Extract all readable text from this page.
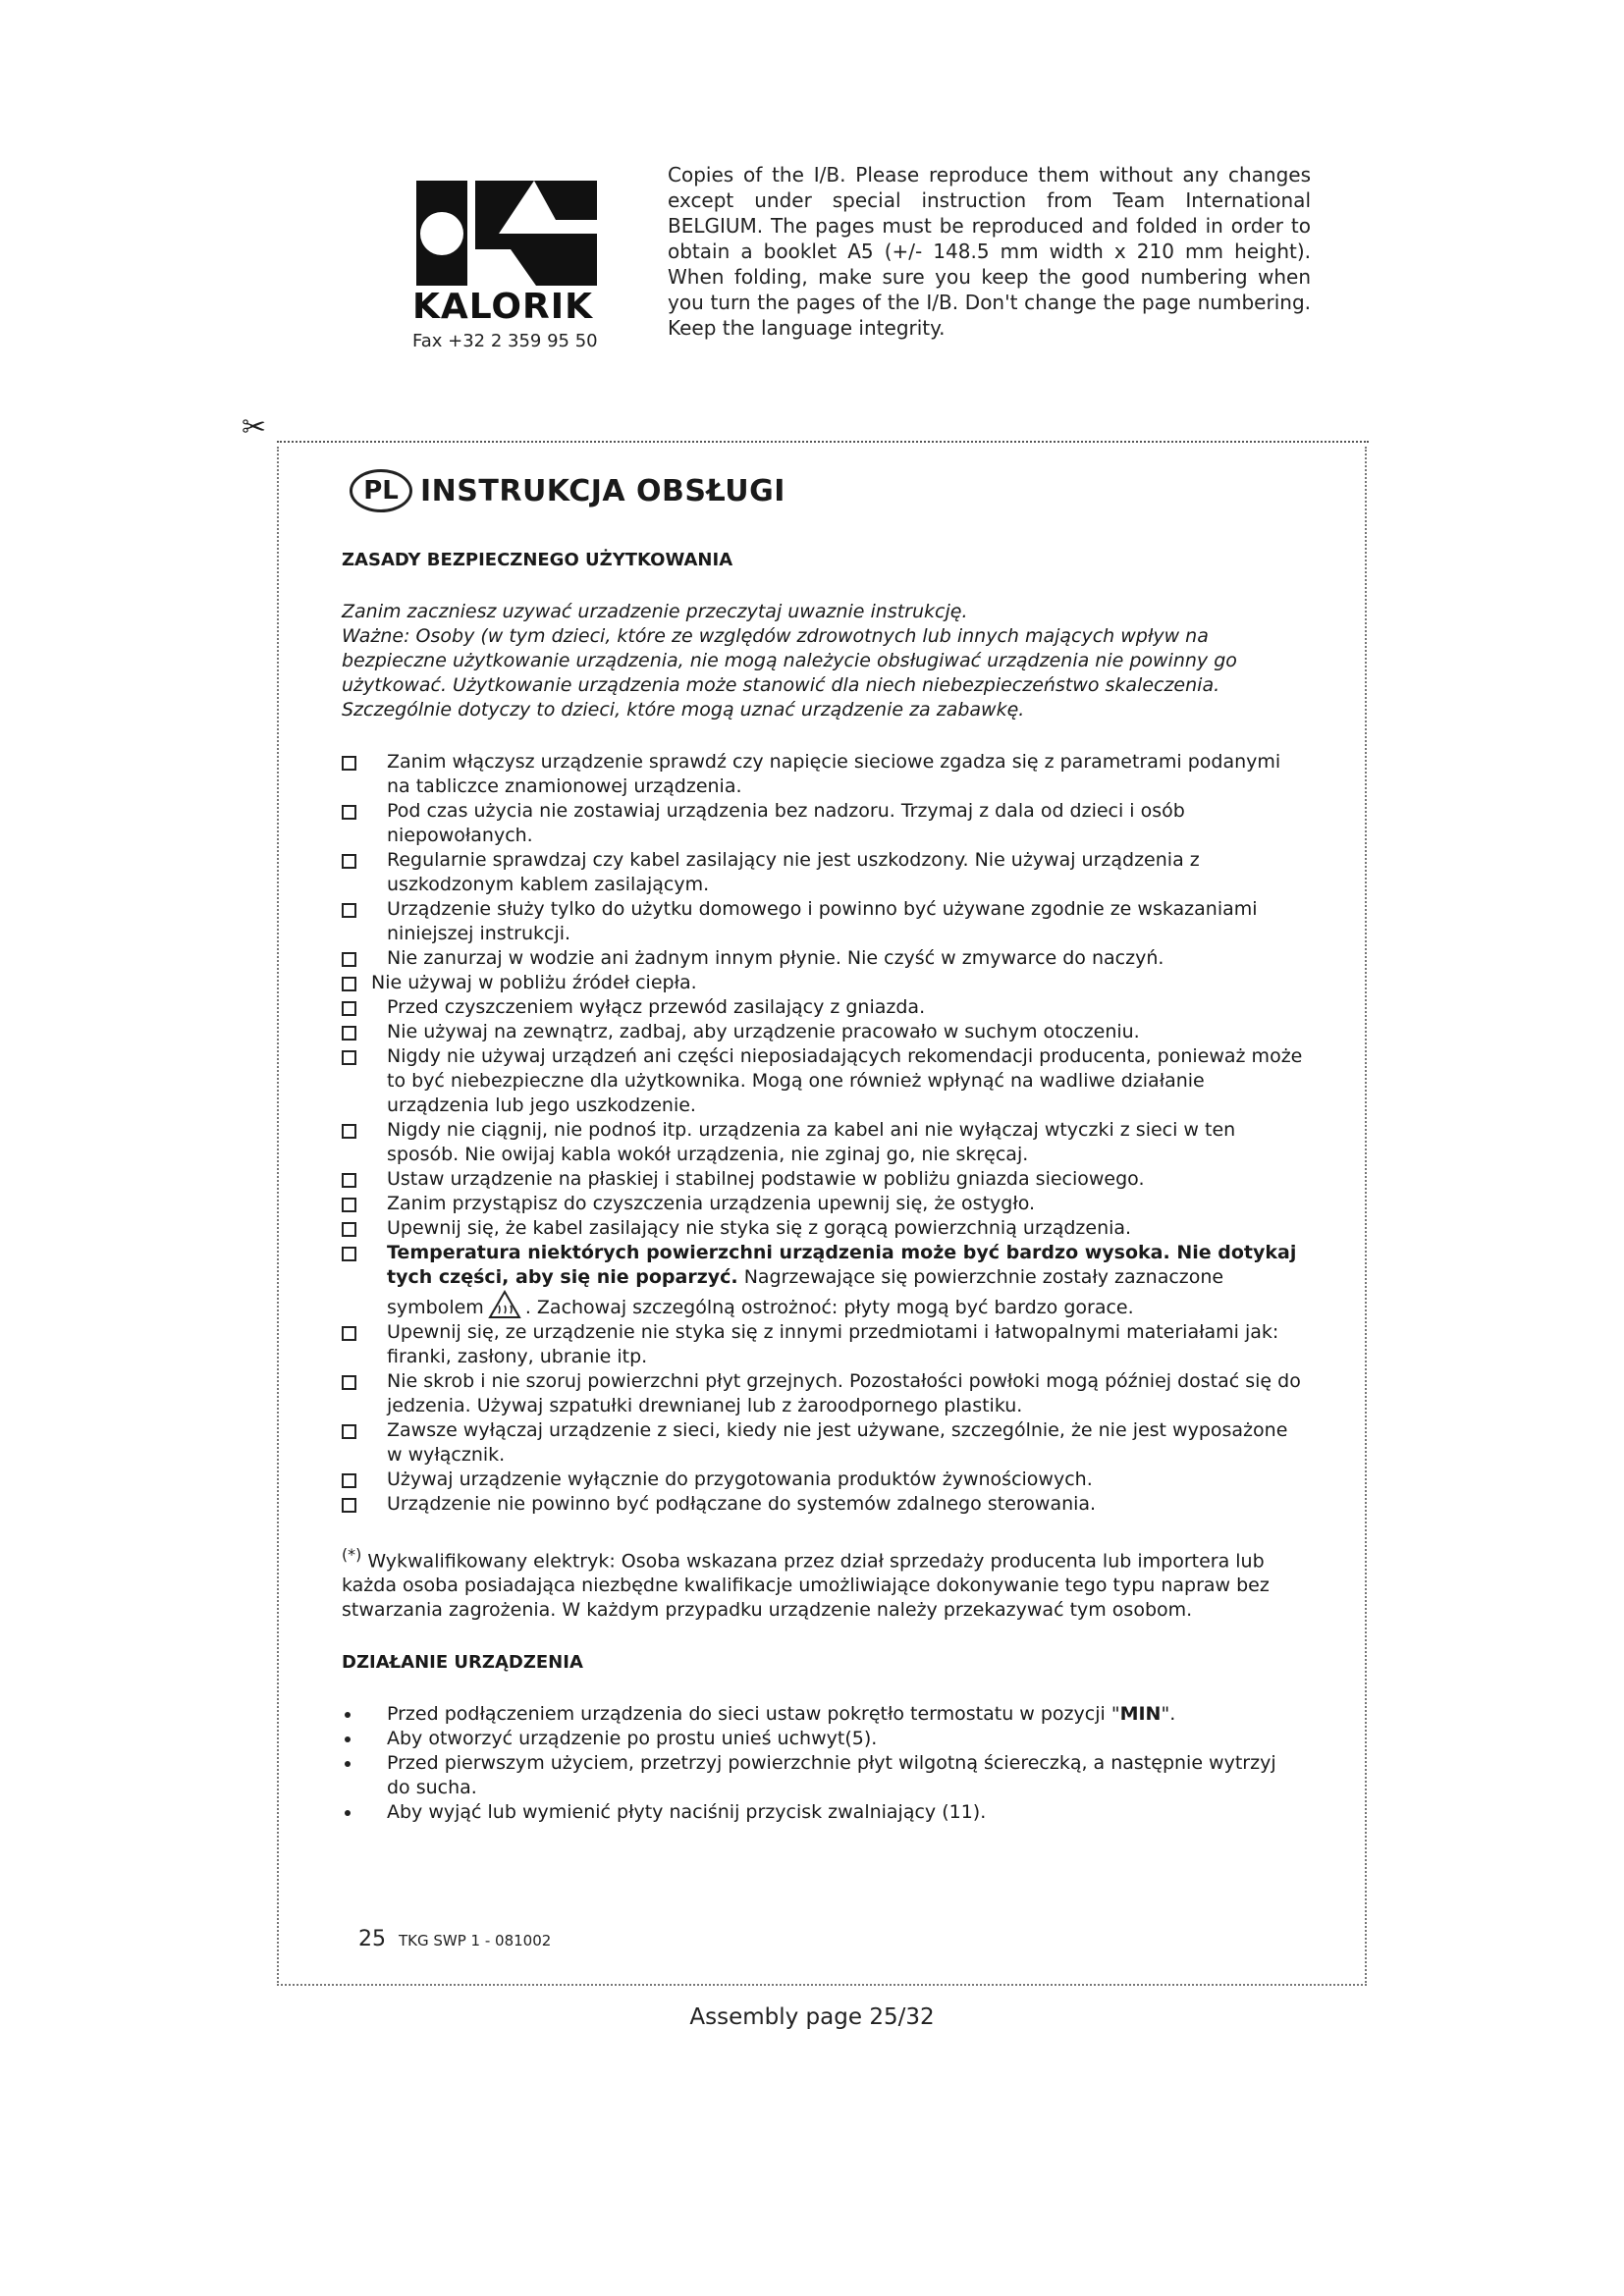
KALORIK
Fax +32 2 359 95 50
Copies of the I/B. Please reproduce them without any changes except under special instruction from Team International BELGIUM. The pages must be reproduced and folded in order to obtain a booklet A5 (+/- 148.5 mm width x 210 mm height). When folding, make sure you keep the good numbering when you turn the pages of the I/B. Don't change the page numbering. Keep the language integrity.
✂
PL INSTRUKCJA OBSŁUGI
ZASADY BEZPIECZNEGO UŻYTKOWANIA

Zanim zaczniesz uzywać urzadzenie przeczytaj uwaznie instrukcję.

Ważne: Osoby (w tym dzieci, które ze względów zdrowotnych lub innych mających wpływ na bezpieczne użytkowanie urządzenia, nie mogą należycie obsługiwać urządzenia nie powinny go użytkować. Użytkowanie urządzenia może stanowić dla niech niebezpieczeństwo skaleczenia. Szczególnie dotyczy to dzieci, które mogą uznać urządzenie za zabawkę.

Zanim włączysz urządzenie sprawdź czy napięcie sieciowe zgadza się z parametrami podanymi na tabliczce znamionowej urządzenia.
Pod czas użycia nie zostawiaj urządzenia bez nadzoru. Trzymaj z dala od dzieci i osób niepowołanych.
Regularnie sprawdzaj czy kabel zasilający nie jest uszkodzony. Nie używaj urządzenia z uszkodzonym kablem zasilającym.
Urządzenie służy tylko do użytku domowego i powinno być używane zgodnie ze wskazaniami niniejszej instrukcji.
Nie zanurzaj w wodzie ani żadnym innym płynie. Nie czyść w zmywarce do naczyń.
Nie używaj w pobliżu źródeł ciepła.
Przed czyszczeniem wyłącz przewód zasilający z gniazda.
Nie używaj na zewnątrz, zadbaj, aby urządzenie pracowało w suchym otoczeniu.
Nigdy nie używaj urządzeń ani części nieposiadających rekomendacji producenta, ponieważ może to być niebezpieczne dla użytkownika. Mogą one również wpłynąć na wadliwe działanie urządzenia lub jego uszkodzenie.
Nigdy nie ciągnij, nie podnoś itp. urządzenia za kabel ani nie wyłączaj wtyczki z sieci w ten sposób. Nie owijaj kabla wokół urządzenia, nie zginaj go, nie skręcaj.
Ustaw urządzenie na płaskiej i stabilnej podstawie w pobliżu gniazda sieciowego.
Zanim przystąpisz do czyszczenia urządzenia upewnij się, że ostygło.
Upewnij się, że kabel zasilający nie styka się z gorącą powierzchnią urządzenia.
Temperatura niektórych powierzchni urządzenia może być bardzo wysoka. Nie dotykaj tych części, aby się nie poparzyć. Nagrzewające się powierzchnie zostały zaznaczone symbolem . Zachowaj szczególną ostrożnoć: płyty mogą być bardzo gorace.
Upewnij się, ze urządzenie nie styka się z innymi przedmiotami i łatwopalnymi materiałami jak: firanki, zasłony, ubranie itp.
Nie skrob i nie szoruj powierzchni płyt grzejnych. Pozostałości powłoki mogą później dostać się do jedzenia. Używaj szpatułki drewnianej lub z żaroodpornego plastiku.
Zawsze wyłączaj urządzenie z sieci, kiedy nie jest używane, szczególnie, że nie jest wyposażone w wyłącznik.
Używaj urządzenie wyłącznie do przygotowania produktów żywnościowych.
Urządzenie nie powinno być podłączane do systemów zdalnego sterowania.
(*) Wykwalifikowany elektryk: Osoba wskazana przez dział sprzedaży producenta lub importera lub każda osoba posiadająca niezbędne kwalifikacje umożliwiające dokonywanie tego typu napraw bez stwarzania zagrożenia. W każdym przypadku urządzenie należy przekazywać tym osobom.
DZIAŁANIE URZĄDZENIA
Przed podłączeniem urządzenia do sieci ustaw pokrętło termostatu w pozycji "MIN".
Aby otworzyć urządzenie po prostu unieś uchwyt(5).
Przed pierwszym użyciem, przetrzyj powierzchnie płyt wilgotną ściereczką, a następnie wytrzyj do sucha.
Aby wyjąć lub wymienić płyty naciśnij przycisk zwalniający (11).
25 TKG SWP 1 - 081002
Assembly page 25/32
